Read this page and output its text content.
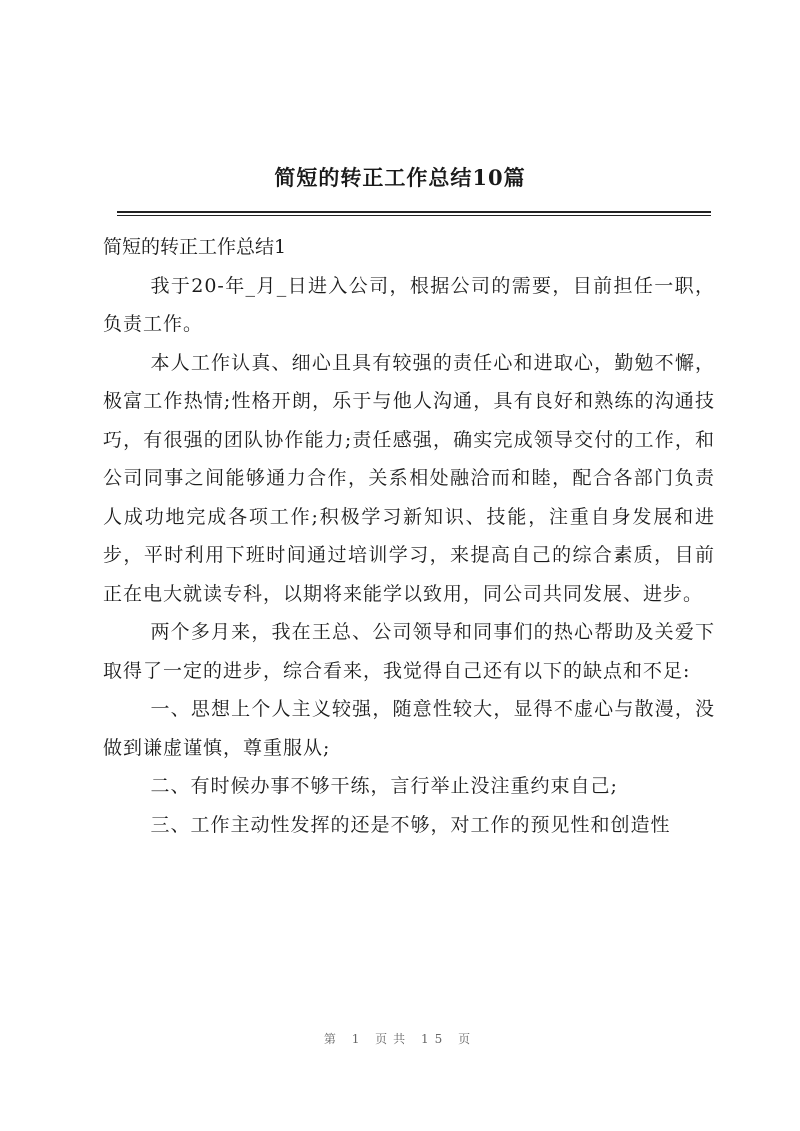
简短的转正工作总结10篇
简短的转正工作总结1

我于20-年_月_日进入公司，根据公司的需要，目前担任一职，负责工作。

本人工作认真、细心且具有较强的责任心和进取心，勤勉不懈，极富工作热情;性格开朗，乐于与他人沟通，具有良好和熟练的沟通技巧，有很强的团队协作能力;责任感强，确实完成领导交付的工作，和公司同事之间能够通力合作，关系相处融洽而和睦，配合各部门负责人成功地完成各项工作;积极学习新知识、技能，注重自身发展和进步，平时利用下班时间通过培训学习，来提高自己的综合素质，目前正在电大就读专科，以期将来能学以致用，同公司共同发展、进步。

两个多月来，我在王总、公司领导和同事们的热心帮助及关爱下取得了一定的进步，综合看来，我觉得自己还有以下的缺点和不足:

一、思想上个人主义较强，随意性较大，显得不虚心与散漫，没做到谦虚谨慎，尊重服从;

二、有时候办事不够干练，言行举止没注重约束自己;

三、工作主动性发挥的还是不够，对工作的预见性和创造性

第 1 页共 15 页
